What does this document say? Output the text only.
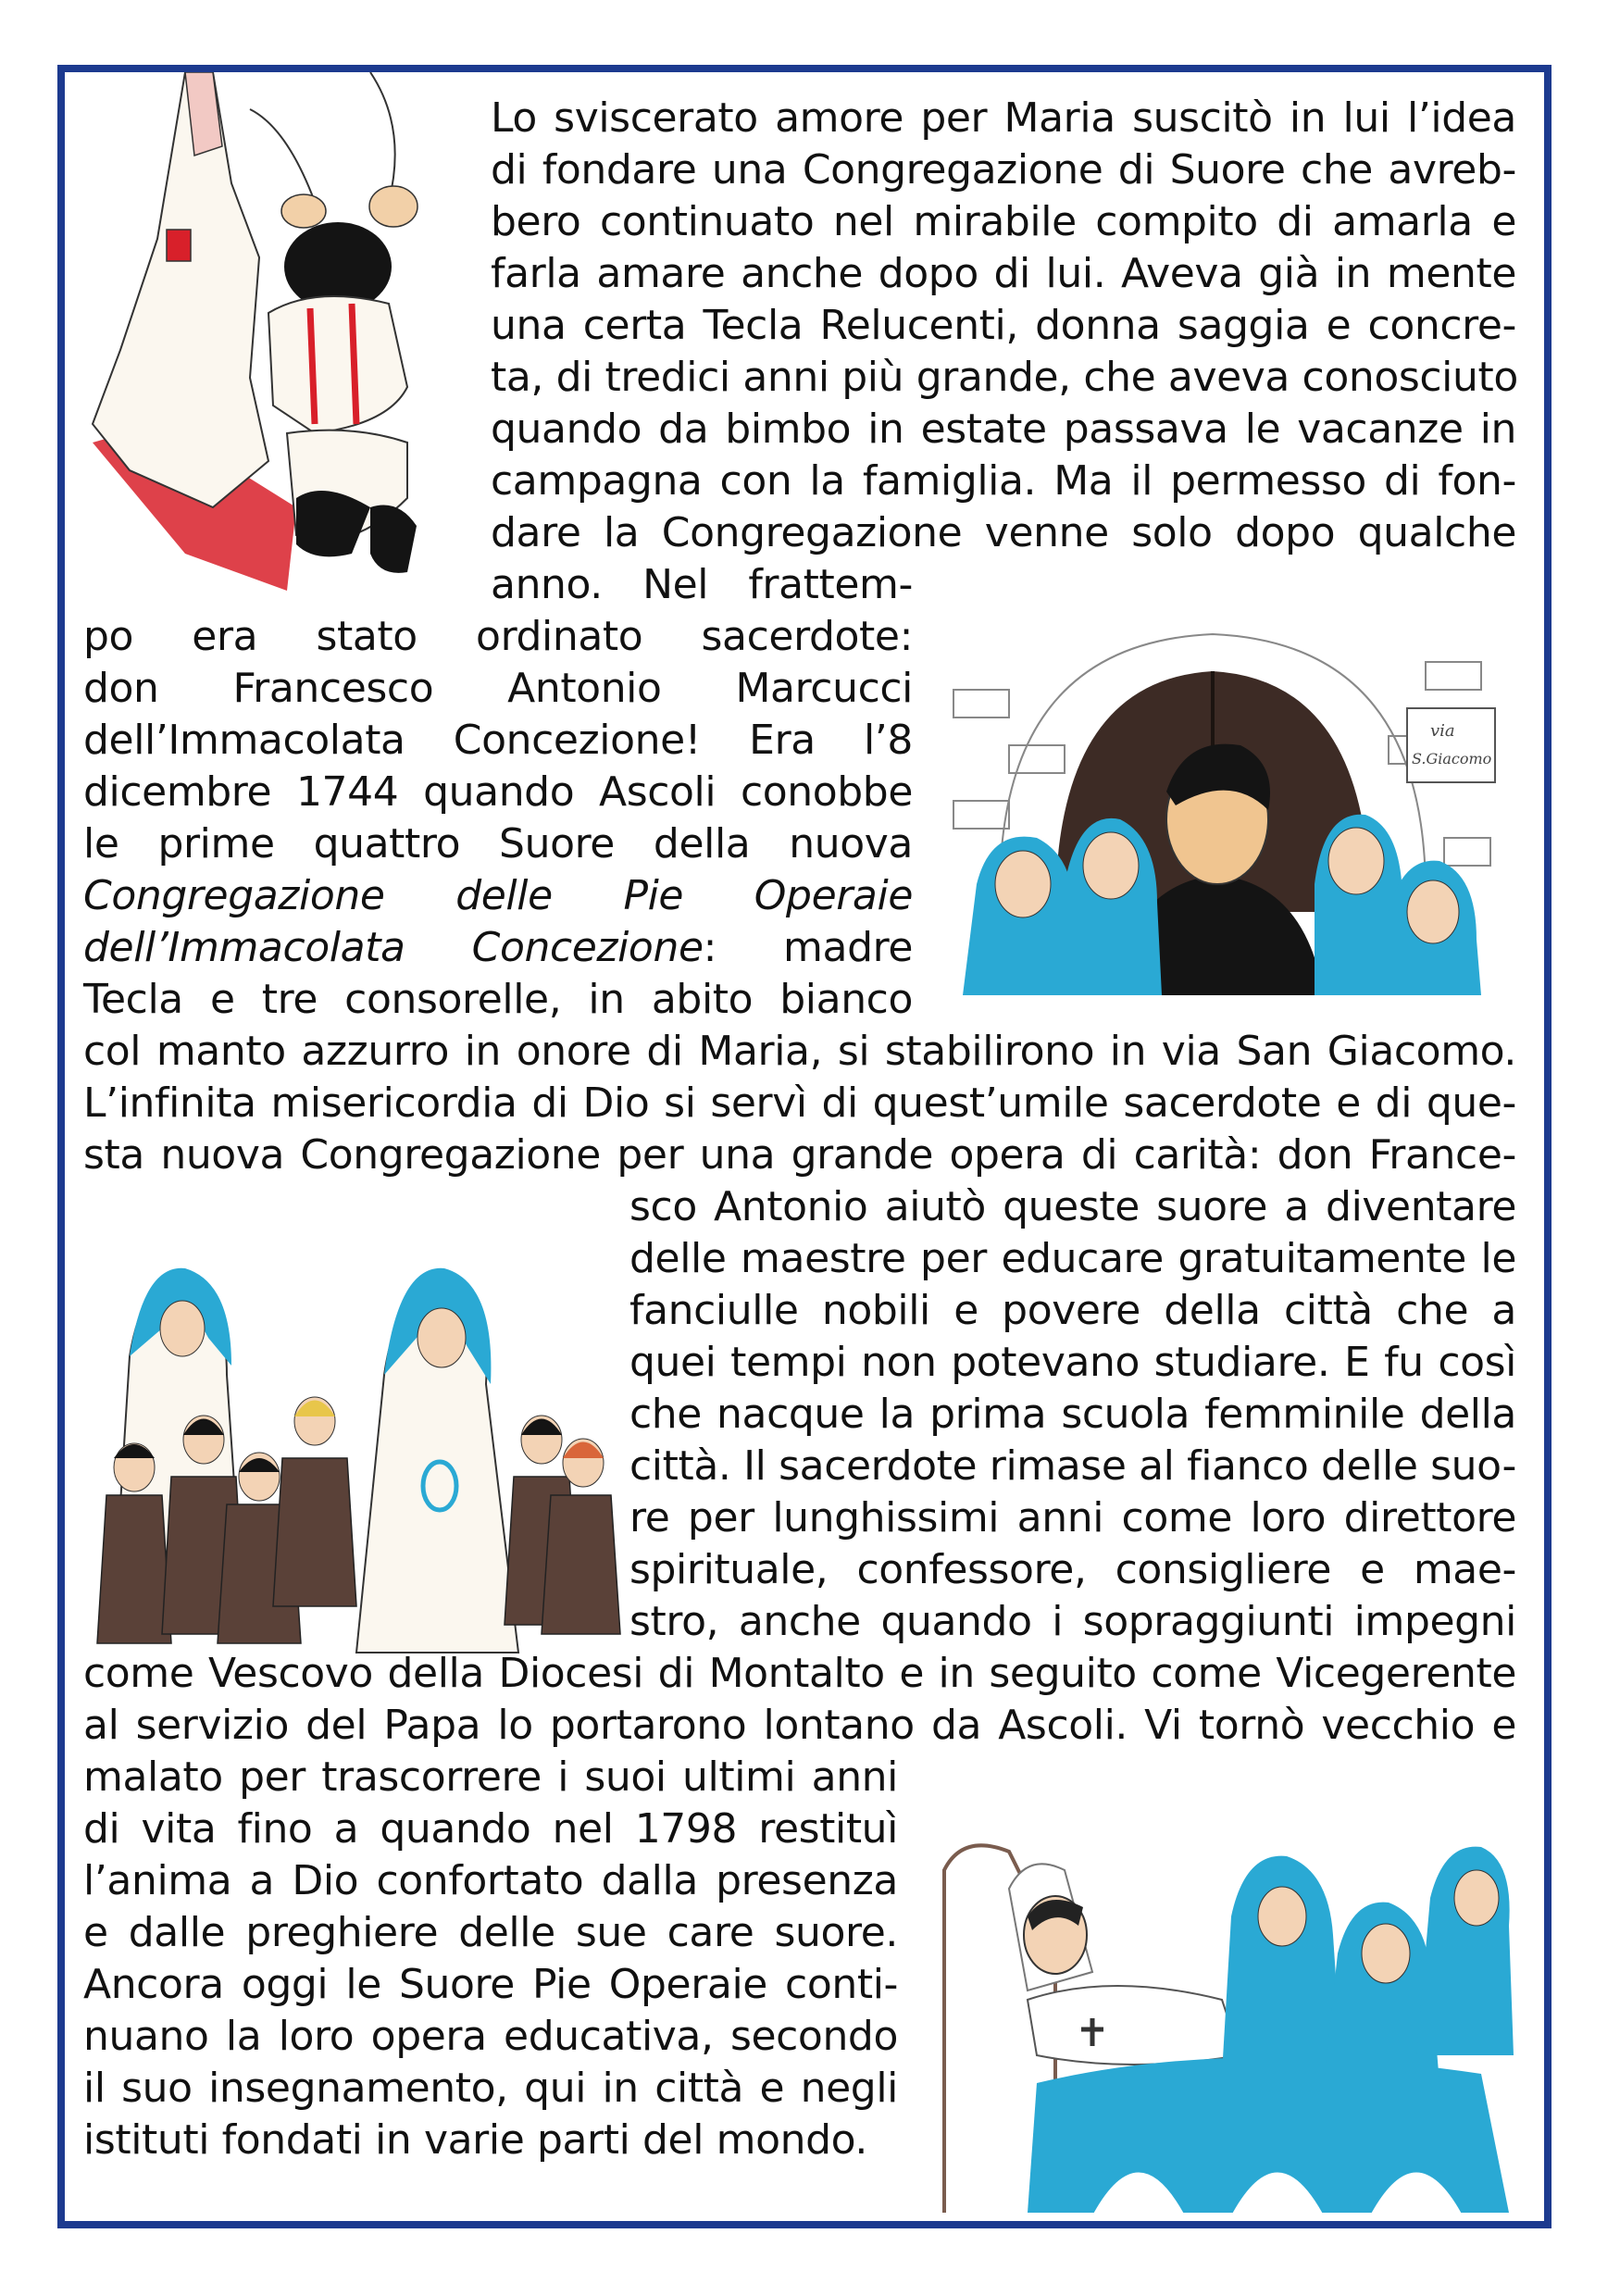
via
S.Giacomo
Lo sviscerato amore per Maria suscitò in lui l’idea
di fondare una Congregazione di Suore che avreb-
bero continuato nel mirabile compito di amarla e
farla amare anche dopo di lui. Aveva già in mente
una certa Tecla Relucenti, donna saggia e concre-
ta, di tredici anni più grande, che aveva conosciuto
quando da bimbo in estate passava le vacanze in
campagna con la famiglia. Ma il permesso di fon-
dare la Congregazione venne solo dopo qualche
anno. Nel frattem-
po era stato ordinato sacerdote:
don Francesco Antonio Marcucci
dell’Immacolata Concezione! Era l’8
dicembre 1744 quando Ascoli conobbe
le prime quattro Suore della nuova
Congregazione delle Pie Operaie
dell’Immacolata Concezione: madre
Tecla e tre consorelle, in abito bianco
col manto azzurro in onore di Maria, si stabilirono in via San Giacomo.
L’infinita misericordia di Dio si servì di quest’umile sacerdote e di que-
sta nuova Congregazione per una grande opera di carità: don France-
sco Antonio aiutò queste suore a diventare
delle maestre per educare gratuitamente le
fanciulle nobili e povere della città che a
quei tempi non potevano studiare. E fu così
che nacque la prima scuola femminile della
città. Il sacerdote rimase al fianco delle suo-
re per lunghissimi anni come loro direttore
spirituale, confessore, consigliere e mae-
stro, anche quando i sopraggiunti impegni
come Vescovo della Diocesi di Montalto e in seguito come Vicegerente
al servizio del Papa lo portarono lontano da Ascoli. Vi tornò vecchio e
malato per trascorrere i suoi ultimi anni
di vita fino a quando nel 1798 restituì
l’anima a Dio confortato dalla presenza
e dalle preghiere delle sue care suore.
Ancora oggi le Suore Pie Operaie conti-
nuano la loro opera educativa, secondo
il suo insegnamento, qui in città e negli
istituti fondati in varie parti del mondo.
